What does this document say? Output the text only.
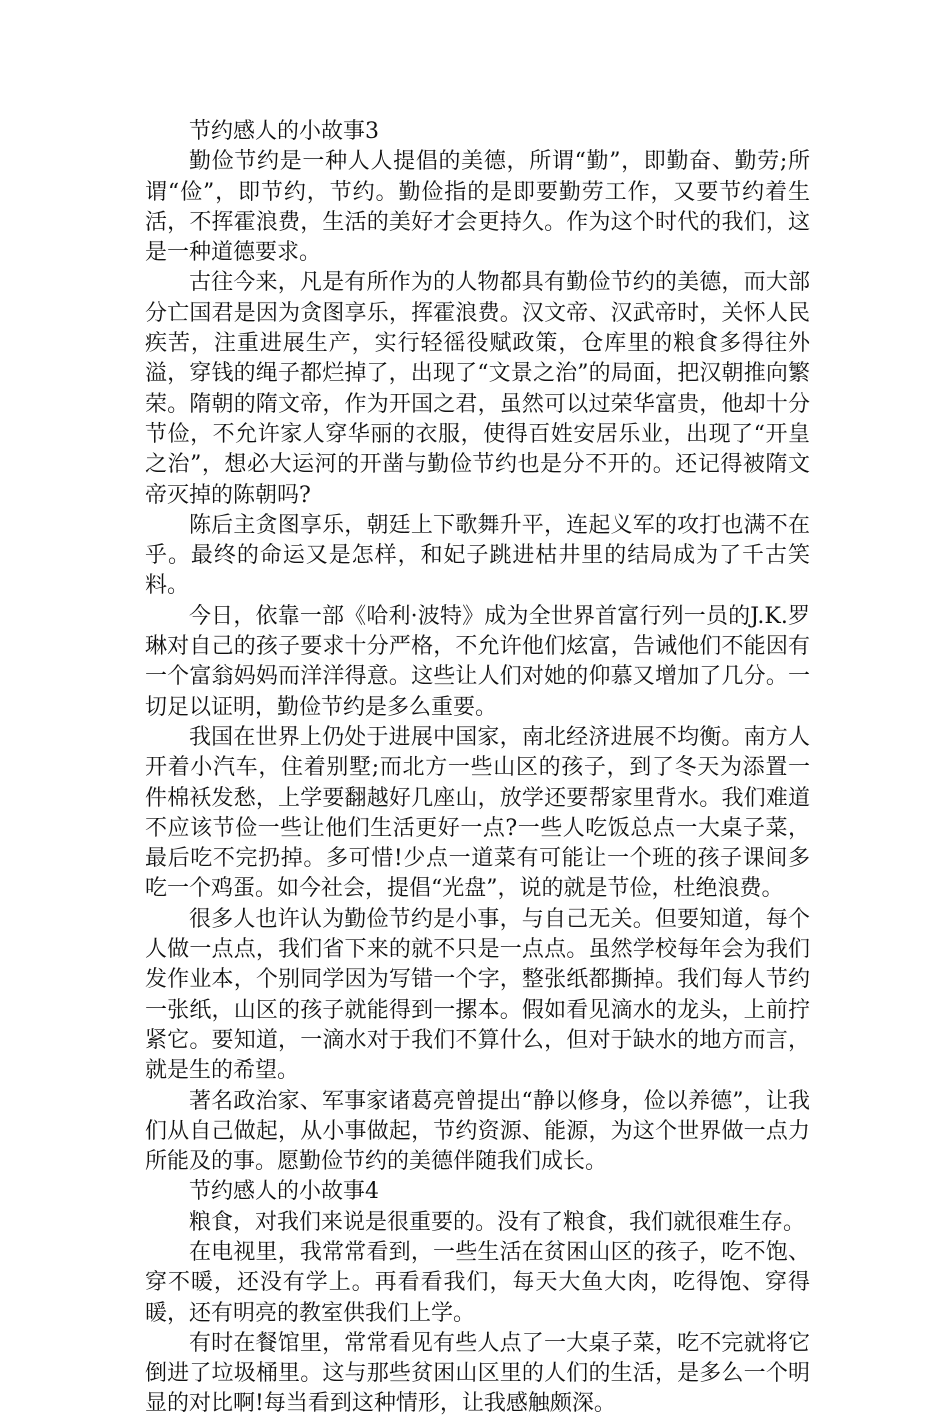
节约感人的小故事3

勤俭节约是一种人人提倡的美德，所谓“勤”，即勤奋、勤劳;所谓“俭”，即节约，节约。勤俭指的是即要勤劳工作，又要节约着生活，不挥霍浪费，生活的美好才会更持久。作为这个时代的我们，这是一种道德要求。

古往今来，凡是有所作为的人物都具有勤俭节约的美德，而大部分亡国君是因为贪图享乐，挥霍浪费。汉文帝、汉武帝时，关怀人民疾苦，注重进展生产，实行轻徭役赋政策，仓库里的粮食多得往外溢，穿钱的绳子都烂掉了，出现了“文景之治”的局面，把汉朝推向繁荣。隋朝的隋文帝，作为开国之君，虽然可以过荣华富贵，他却十分节俭，不允许家人穿华丽的衣服，使得百姓安居乐业，出现了“开皇之治”，想必大运河的开凿与勤俭节约也是分不开的。还记得被隋文帝灭掉的陈朝吗?

陈后主贪图享乐，朝廷上下歌舞升平，连起义军的攻打也满不在乎。最终的命运又是怎样，和妃子跳进枯井里的结局成为了千古笑料。

今日，依靠一部《哈利·波特》成为全世界首富行列一员的J.K.罗琳对自己的孩子要求十分严格，不允许他们炫富，告诫他们不能因有一个富翁妈妈而洋洋得意。这些让人们对她的仰慕又增加了几分。一切足以证明，勤俭节约是多么重要。

我国在世界上仍处于进展中国家，南北经济进展不均衡。南方人开着小汽车，住着别墅;而北方一些山区的孩子，到了冬天为添置一件棉袄发愁，上学要翻越好几座山，放学还要帮家里背水。我们难道不应该节俭一些让他们生活更好一点?一些人吃饭总点一大桌子菜，最后吃不完扔掉。多可惜!少点一道菜有可能让一个班的孩子课间多吃一个鸡蛋。如今社会，提倡“光盘”，说的就是节俭，杜绝浪费。

很多人也许认为勤俭节约是小事，与自己无关。但要知道，每个人做一点点，我们省下来的就不只是一点点。虽然学校每年会为我们发作业本，个别同学因为写错一个字，整张纸都撕掉。我们每人节约一张纸，山区的孩子就能得到一摞本。假如看见滴水的龙头，上前拧紧它。要知道，一滴水对于我们不算什么，但对于缺水的地方而言，就是生的希望。

著名政治家、军事家诸葛亮曾提出“静以修身，俭以养德”，让我们从自己做起，从小事做起，节约资源、能源，为这个世界做一点力所能及的事。愿勤俭节约的美德伴随我们成长。

节约感人的小故事4

粮食，对我们来说是很重要的。没有了粮食，我们就很难生存。

在电视里，我常常看到，一些生活在贫困山区的孩子，吃不饱、穿不暖，还没有学上。再看看我们，每天大鱼大肉，吃得饱、穿得暖，还有明亮的教室供我们上学。

有时在餐馆里，常常看见有些人点了一大桌子菜，吃不完就将它倒进了垃圾桶里。这与那些贫困山区里的人们的生活，是多么一个明显的对比啊!每当看到这种情形，让我感触颇深。
